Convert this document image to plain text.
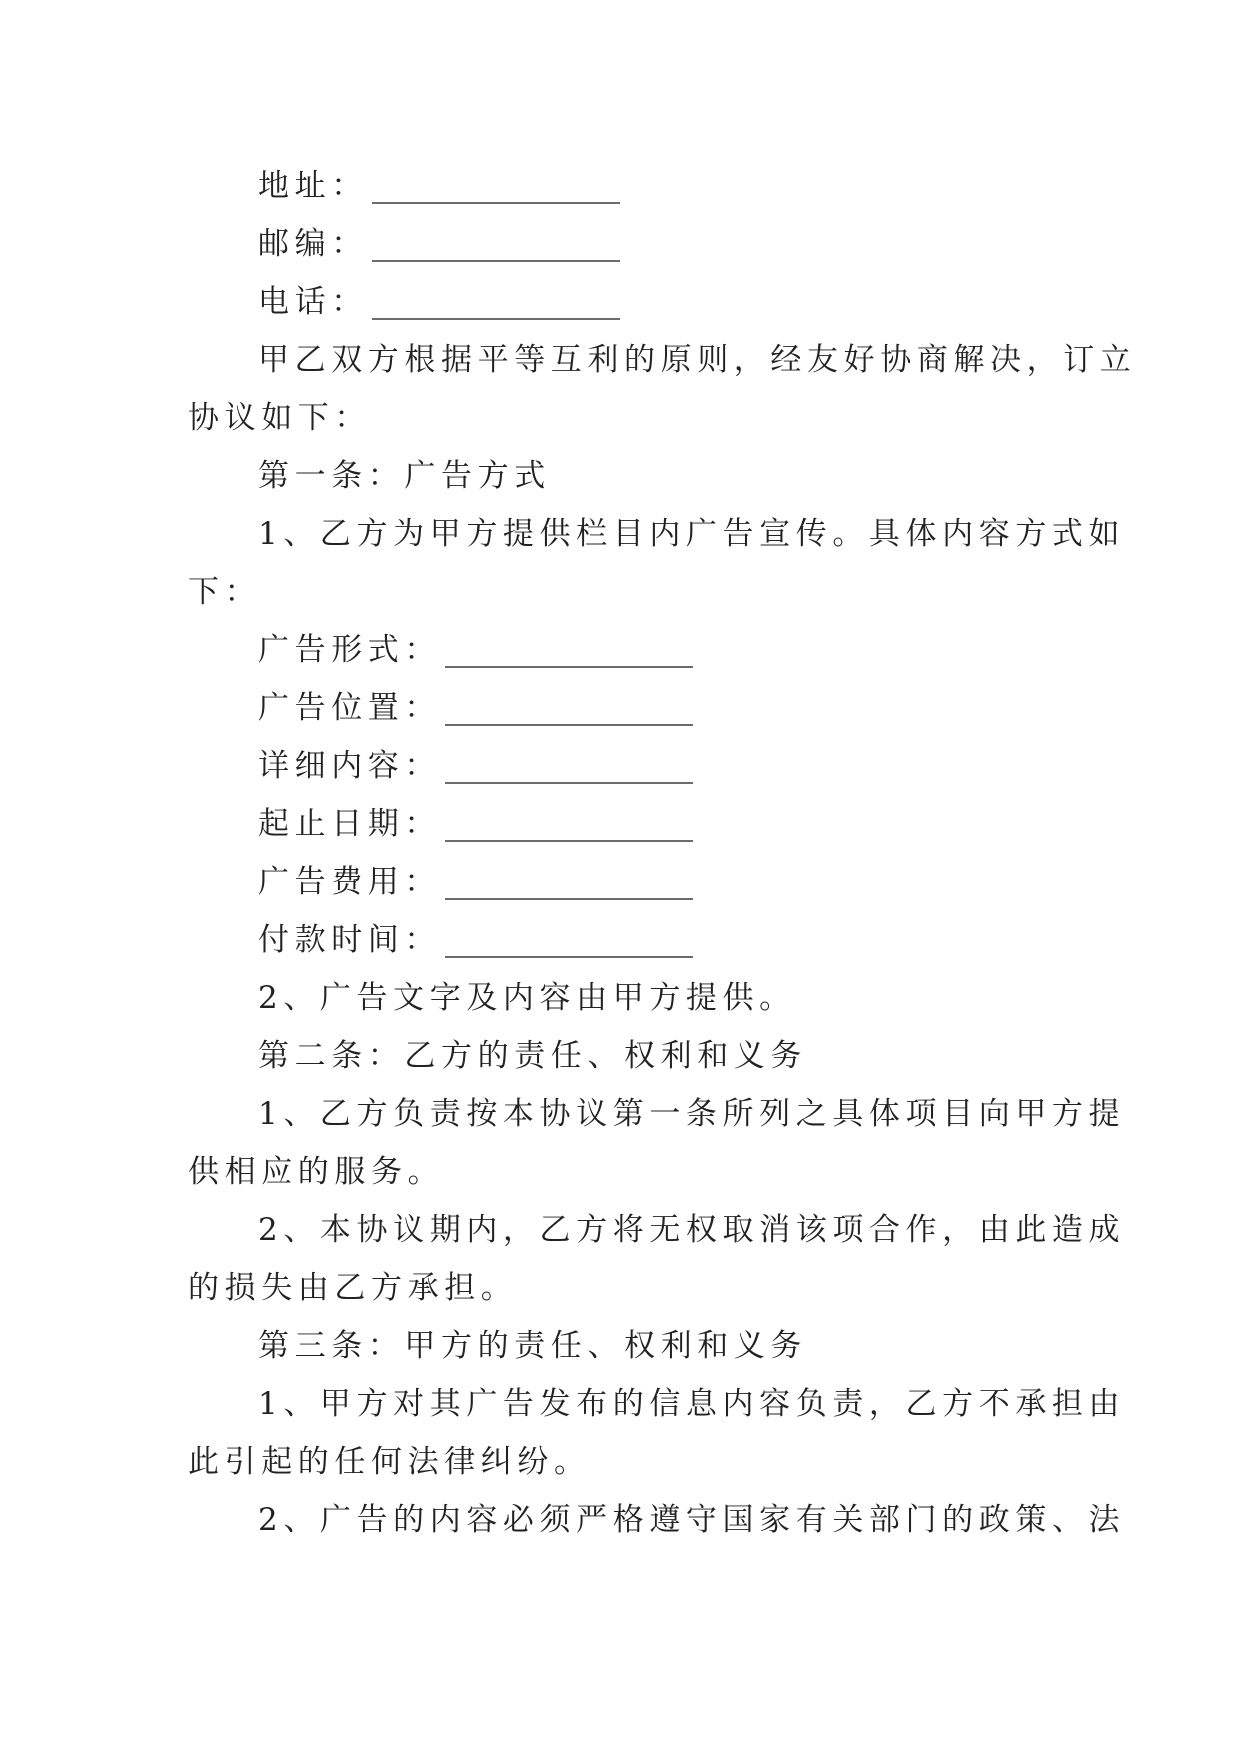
地址：
邮编：
电话：
甲乙双方根据平等互利的原则，经友好协商解决，订立
协议如下：
第一条：广告方式
1、乙方为甲方提供栏目内广告宣传。具体内容方式如
下：
广告形式：
广告位置：
详细内容：
起止日期：
广告费用：
付款时间：
2、广告文字及内容由甲方提供。
第二条：乙方的责任、权利和义务
1、乙方负责按本协议第一条所列之具体项目向甲方提
供相应的服务。
2、本协议期内，乙方将无权取消该项合作，由此造成
的损失由乙方承担。
第三条：甲方的责任、权利和义务
1、甲方对其广告发布的信息内容负责，乙方不承担由
此引起的任何法律纠纷。
2、广告的内容必须严格遵守国家有关部门的政策、法
